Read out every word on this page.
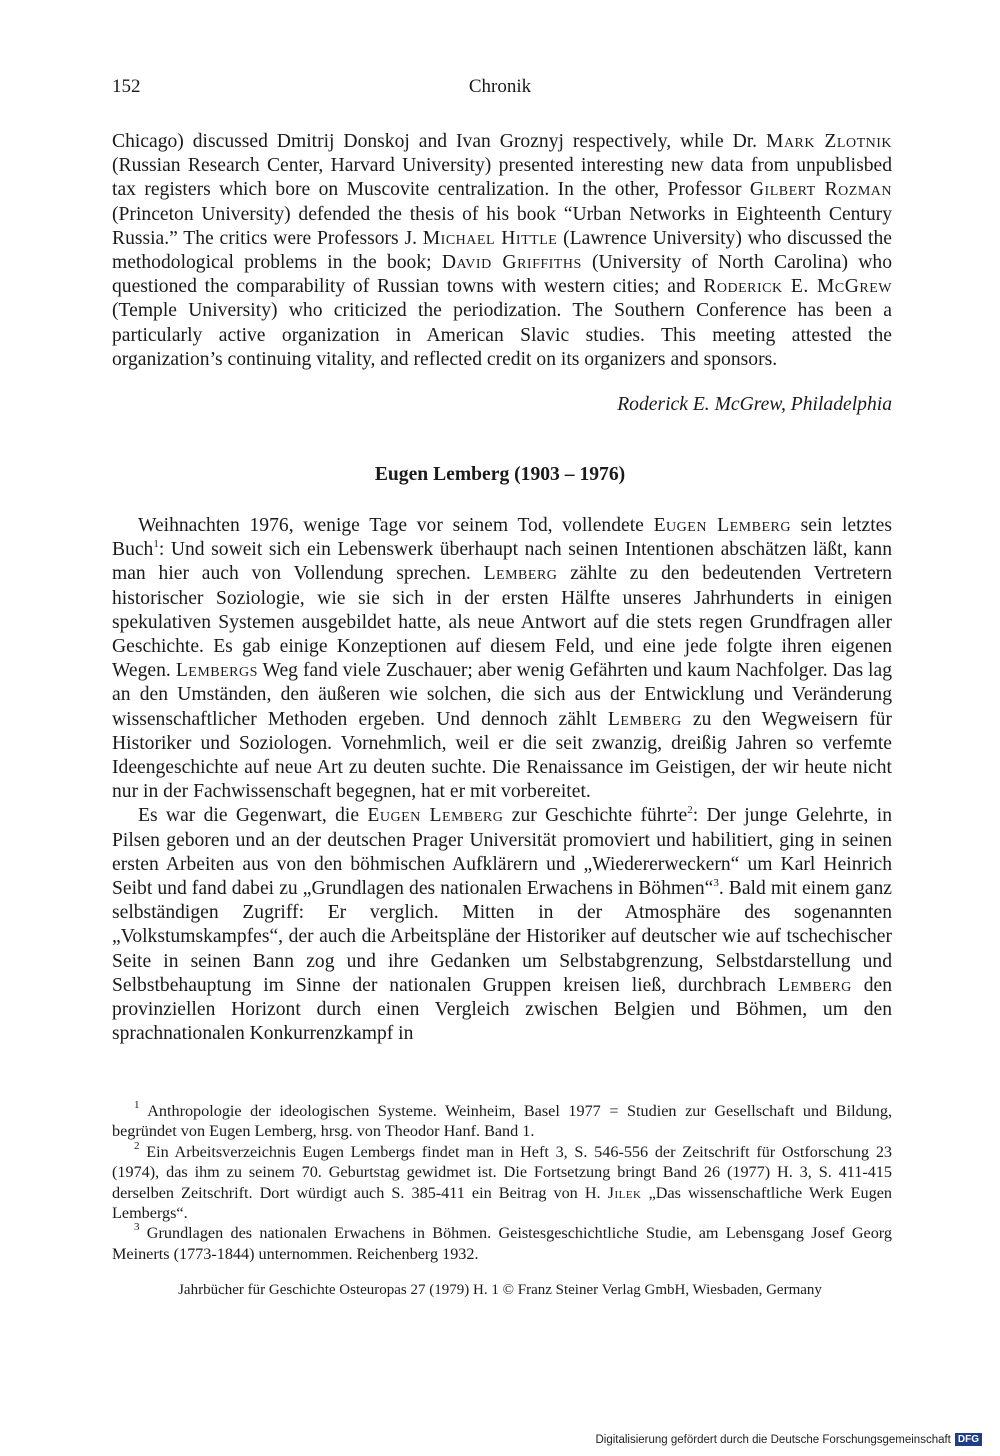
152	Chronik

Chicago) discussed Dmitrij Donskoj and Ivan Groznyj respectively, while Dr. Mark Zlotnik (Russian Research Center, Harvard University) presented interesting new data from unpublisbed tax registers which bore on Muscovite centralization. In the other, Professor Gilbert Rozman (Princeton University) defended the thesis of his book “Urban Networks in Eighteenth Century Russia.” The critics were Professors J. Michael Hittle (Lawrence University) who discussed the methodological problems in the book; David Griffiths (University of North Carolina) who questioned the comparability of Russian towns with western cities; and Roderick E. McGrew (Temple University) who criticized the periodization. The Southern Conference has been a particularly active organization in American Slavic studies. This meeting attested the organization’s continuing vitality, and reflected credit on its organizers and sponsors.

Roderick E. McGrew, Philadelphia
Eugen Lemberg (1903 – 1976)

Weihnachten 1976, wenige Tage vor seinem Tod, vollendete Eugen Lemberg sein letztes Buch$^1$: Und soweit sich ein Lebenswerk überhaupt nach seinen Intentionen abschätzen läßt, kann man hier auch von Vollendung sprechen. Lemberg zählte zu den bedeutenden Vertretern historischer Soziologie, wie sie sich in der ersten Hälfte unseres Jahrhunderts in einigen spekulativen Systemen ausgebildet hatte, als neue Antwort auf die stets regen Grundfragen aller Geschichte. Es gab einige Konzeptionen auf diesem Feld, und eine jede folgte ihren eigenen Wegen. Lembergs Weg fand viele Zuschauer; aber wenig Gefährten und kaum Nachfolger. Das lag an den Umständen, den äußeren wie solchen, die sich aus der Entwicklung und Veränderung wissenschaftlicher Methoden ergeben. Und dennoch zählt Lemberg zu den Wegweisern für Historiker und Soziologen. Vornehmlich, weil er die seit zwanzig, dreißig Jahren so verfemte Ideengeschichte auf neue Art zu deuten suchte. Die Renaissance im Geistigen, der wir heute nicht nur in der Fachwissenschaft begegnen, hat er mit vorbereitet.

Es war die Gegenwart, die Eugen Lemberg zur Geschichte führte$^2$: Der junge Gelehrte, in Pilsen geboren und an der deutschen Prager Universität promoviert und habilitiert, ging in seinen ersten Arbeiten aus von den böhmischen Aufklärern und „Wiedererweckern“ um Karl Heinrich Seibt und fand dabei zu „Grundlagen des nationalen Erwachens in Böhmen“$^3$. Bald mit einem ganz selbständigen Zugriff: Er verglich. Mitten in der Atmosphäre des sogenannten „Volkstumskampfes“, der auch die Arbeitspläne der Historiker auf deutscher wie auf tschechischer Seite in seinen Bann zog und ihre Gedanken um Selbstabgrenzung, Selbstdarstellung und Selbstbehauptung im Sinne der nationalen Gruppen kreisen ließ, durchbrach Lemberg den provinziellen Horizont durch einen Vergleich zwischen Belgien und Böhmen, um den sprachnationalen Konkurrenzkampf in

$^1$ Anthropologie der ideologischen Systeme. Weinheim, Basel 1977 = Studien zur Gesellschaft und Bildung, begründet von Eugen Lemberg, hrsg. von Theodor Hanf. Band 1.

$^2$ Ein Arbeitsverzeichnis Eugen Lembergs findet man in Heft 3, S. 546-556 der Zeitschrift für Ostforschung 23 (1974), das ihm zu seinem 70. Geburtstag gewidmet ist. Die Fortsetzung bringt Band 26 (1977) H. 3, S. 411-415 derselben Zeitschrift. Dort würdigt auch S. 385-411 ein Beitrag von H. Jilek „Das wissenschaftliche Werk Eugen Lembergs“.

$^3$ Grundlagen des nationalen Erwachens in Böhmen. Geistesgeschichtliche Studie, am Lebensgang Josef Georg Meinerts (1773-1844) unternommen. Reichenberg 1932.

Jahrbücher für Geschichte Osteuropas 27 (1979) H. 1 © Franz Steiner Verlag GmbH, Wiesbaden, Germany
Digitalisierung gefördert durch die Deutsche Forschungsgemeinschaft DFG
